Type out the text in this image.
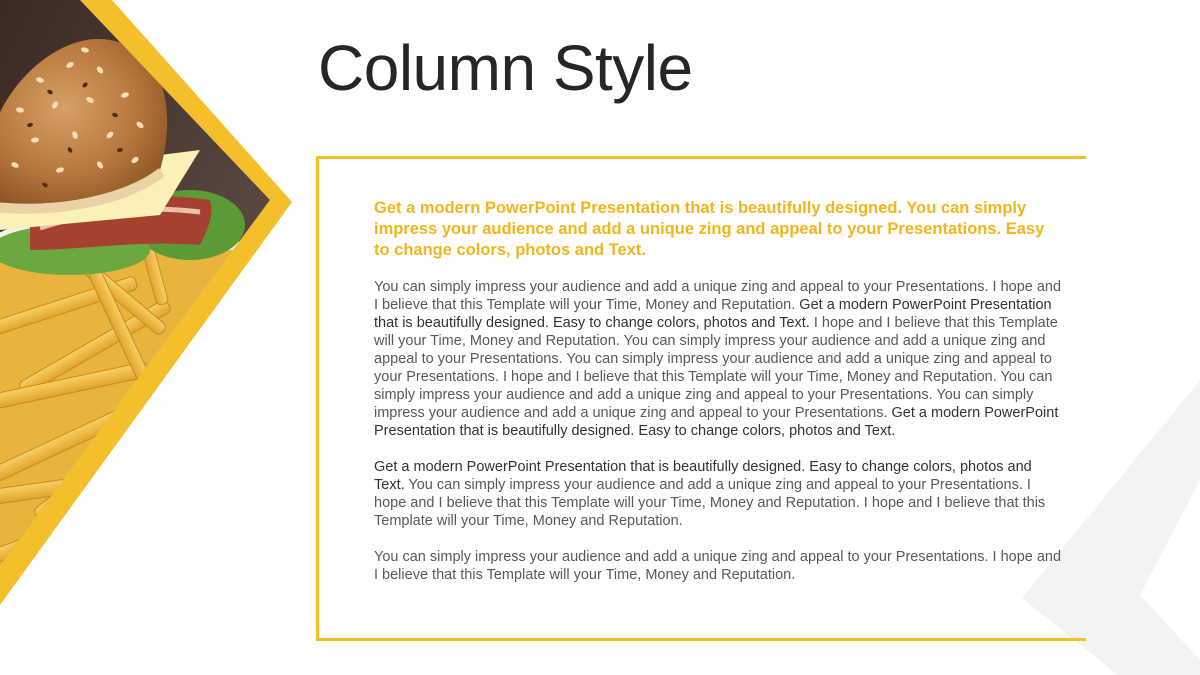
Column Style

Get a modern PowerPoint Presentation that is beautifully designed. You can simply impress your audience and add a unique zing and appeal to your Presentations. Easy to change colors, photos and Text.

You can simply impress your audience and add a unique zing and appeal to your Presentations. I hope and I believe that this Template will your Time, Money and Reputation. Get a modern PowerPoint Presentation that is beautifully designed. Easy to change colors, photos and Text. I hope and I believe that this Template will your Time, Money and Reputation. You can simply impress your audience and add a unique zing and appeal to your Presentations. You can simply impress your audience and add a unique zing and appeal to your Presentations. I hope and I believe that this Template will your Time, Money and Reputation. You can simply impress your audience and add a unique zing and appeal to your Presentations. You can simply impress your audience and add a unique zing and appeal to your Presentations. Get a modern PowerPoint Presentation that is beautifully designed. Easy to change colors, photos and Text.

Get a modern PowerPoint Presentation that is beautifully designed. Easy to change colors, photos and Text. You can simply impress your audience and add a unique zing and appeal to your Presentations. I hope and I believe that this Template will your Time, Money and Reputation. I hope and I believe that this Template will your Time, Money and Reputation.

You can simply impress your audience and add a unique zing and appeal to your Presentations. I hope and I believe that this Template will your Time, Money and Reputation.
